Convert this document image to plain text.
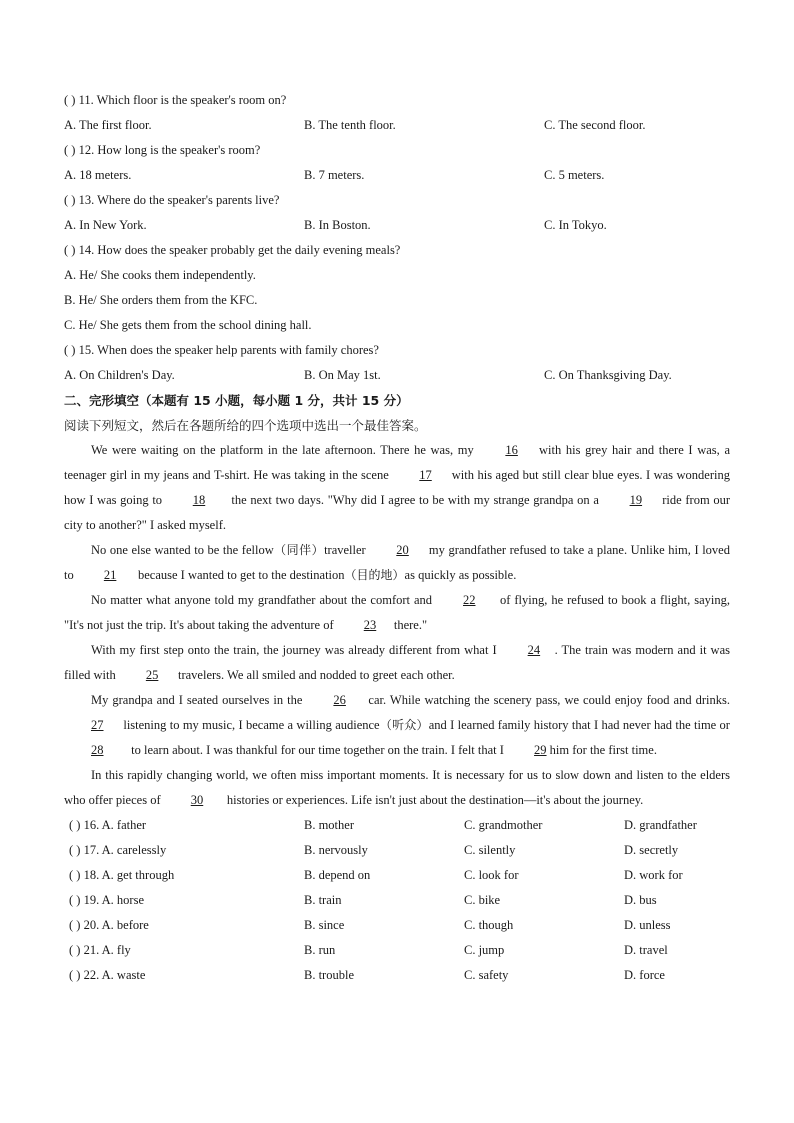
( ) 11. Which floor is the speaker's room on?
A. The first floor.	B. The tenth floor.	C. The second floor.
( ) 12. How long is the speaker's room?
A. 18 meters.	B. 7 meters.	C. 5 meters.
( ) 13. Where do the speaker's parents live?
A. In New York.	B. In Boston.	C. In Tokyo.
( ) 14. How does the speaker probably get the daily evening meals?
A. He/ She cooks them independently.
B. He/ She orders them from the KFC.
C. He/ She gets them from the school dining hall.
( ) 15. When does the speaker help parents with family chores?
A. On Children's Day.	B. On May 1st.	C. On Thanksgiving Day.
二、完形填空（本题有 15 小题，每小题 1 分，共计 15 分）
阅读下列短文，然后在各题所给的四个选项中选出一个最佳答案。
We were waiting on the platform in the late afternoon. There he was, my 16 with his grey hair and there I was, a teenager girl in my jeans and T-shirt. He was taking in the scene 17 with his aged but still clear blue eyes. I was wondering how I was going to 18 the next two days. "Why did I agree to be with my strange grandpa on a 19 ride from our city to another?" I asked myself.
No one else wanted to be the fellow（同伴）traveller 20 my grandfather refused to take a plane. Unlike him, I loved to 21 because I wanted to get to the destination（目的地）as quickly as possible.
No matter what anyone told my grandfather about the comfort and 22 of flying, he refused to book a flight, saying, "It's not just the trip. It's about taking the adventure of 23 there."
With my first step onto the train, the journey was already different from what I 24 . The train was modern and it was filled with 25 travelers. We all smiled and nodded to greet each other.
My grandpa and I seated ourselves in the 26 car. While watching the scenery pass, we could enjoy food and drinks. 27 listening to my music, I became a willing audience（听众）and I learned family history that I had never had the time or 28 to learn about. I was thankful for our time together on the train. I felt that I 29 him for the first time.
In this rapidly changing world, we often miss important moments. It is necessary for us to slow down and listen to the elders who offer pieces of 30 histories or experiences. Life isn't just about the destination—it's about the journey.
( ) 16. A. father	B. mother	C. grandmother	D. grandfather
( ) 17. A. carelessly	B. nervously	C. silently	D. secretly
( ) 18. A. get through	B. depend on	C. look for	D. work for
( ) 19. A. horse	B. train	C. bike	D. bus
( ) 20. A. before	B. since	C. though	D. unless
( ) 21. A. fly	B. run	C. jump	D. travel
( ) 22. A. waste	B. trouble	C. safety	D. force
